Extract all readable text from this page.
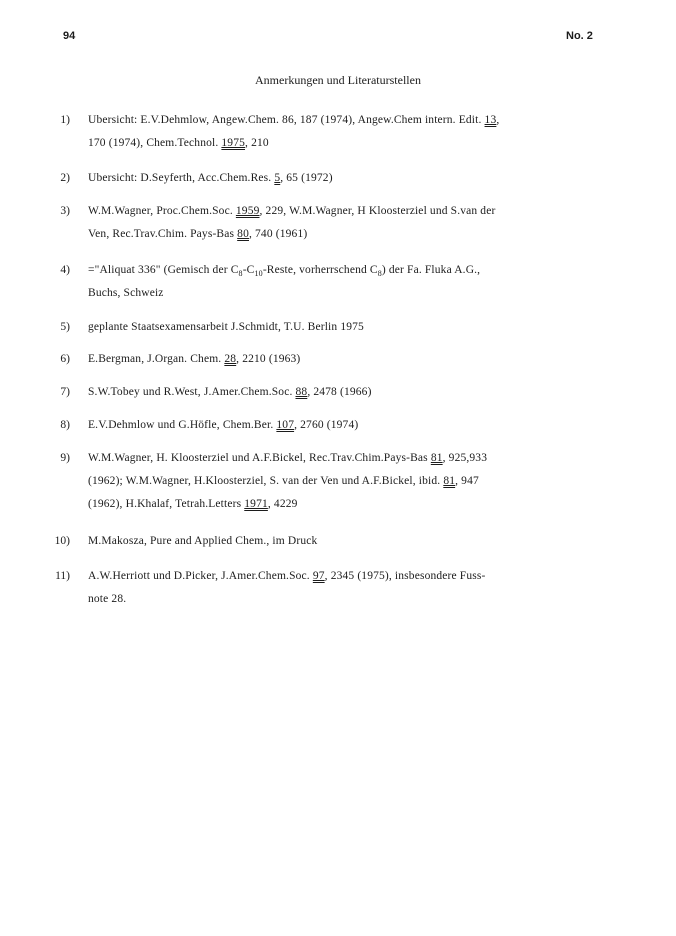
94	No. 2
Anmerkungen und Literaturstellen
1) Ubersicht: E.V.Dehmlow, Angew.Chem. 86, 187 (1974), Angew.Chem intern. Edit. 13,
170 (1974), Chem.Technol. 1975, 210
2) Ubersicht: D.Seyferth, Acc.Chem.Res. 5, 65 (1972)
3) W.M.Wagner, Proc.Chem.Soc. 1959, 229, W.M.Wagner, H Kloosterziel und S.van der
Ven, Rec.Trav.Chim. Pays-Bas 80, 740 (1961)
4) ="Aliquat 336" (Gemisch der $C_8-C_{10}$-Reste, vorherrschend $C_8$) der Fa. Fluka A.G.,
Buchs, Schweiz
5) geplante Staatsexamensarbeit J.Schmidt, T.U. Berlin 1975
6) E.Bergman, J.Organ. Chem. 28, 2210 (1963)
7) S.W.Tobey und R.West, J.Amer.Chem.Soc. 88, 2478 (1966)
8) E.V.Dehmlow und G.Höfle, Chem.Ber. 107, 2760 (1974)
9) W.M.Wagner, H. Kloosterziel und A.F.Bickel, Rec.Trav.Chim.Pays-Bas 81, 925,933
(1962); W.M.Wagner, H.Kloosterziel, S. van der Ven und A.F.Bickel, ibid. 81, 947
(1962), H.Khalaf, Tetrah.Letters 1971, 4229
10) M.Makosza, Pure and Applied Chem., im Druck
11) A.W.Herriott und D.Picker, J.Amer.Chem.Soc. 97, 2345 (1975), insbesondere Fuss-
note 28.
